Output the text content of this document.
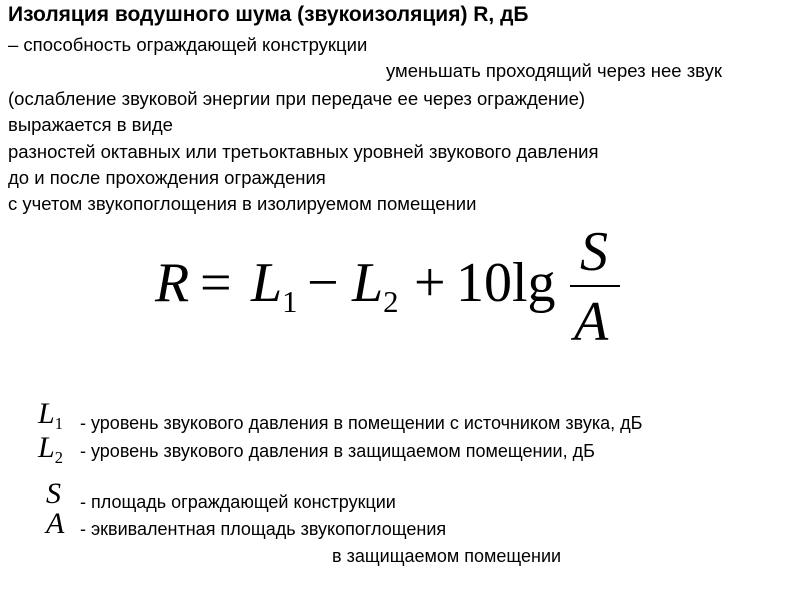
Изоляция водушного шума (звукоизоляция) R, дБ
– способность ограждающей конструкции
уменьшать проходящий через нее звук
(ослабление звуковой энергии при передаче ее через ограждение)
выражается в виде
разностей октавных или третьоктавных уровней звукового давления
до и после прохождения ограждения
с учетом звукопоглощения в изолируемом помещении
R = L1 − L2 + 10lg S
A
L1 - уровень звукового давления в помещении с источником звука, дБ
L2 - уровень звукового давления в защищаемом помещении, дБ
S - площадь ограждающей конструкции
A - эквивалентная площадь звукопоглощения
в защищаемом помещении
